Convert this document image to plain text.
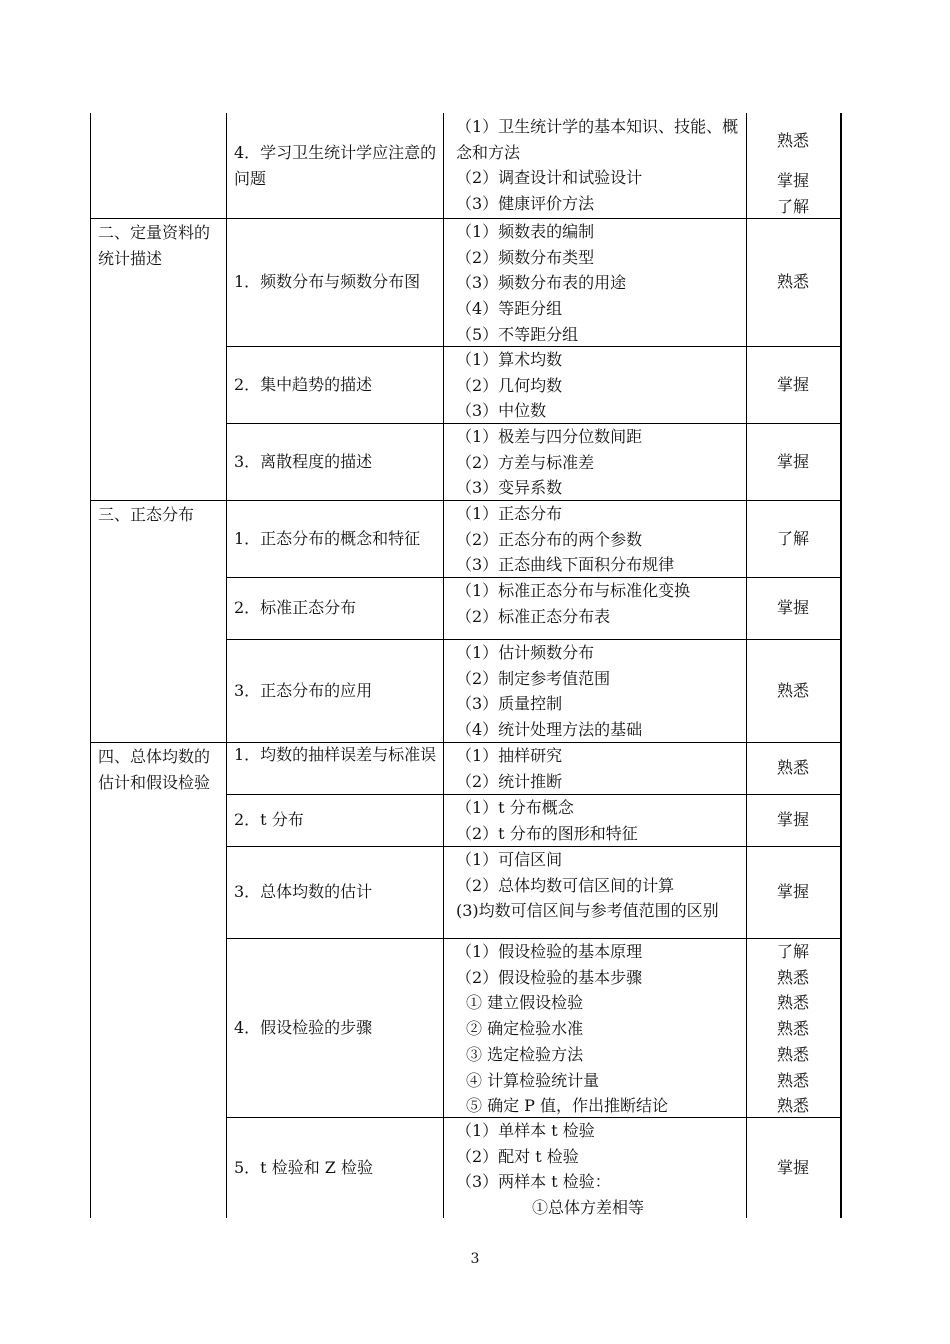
4．学习卫生统计学应注意的问题
（1）卫生统计学的基本知识、技能、概念和方法
（2）调查设计和试验设计
（3）健康评价方法
熟悉
掌握
了解
二、定量资料的统计描述
1．频数分布与频数分布图
（1）频数表的编制
（2）频数分布类型
（3）频数分布表的用途
（4）等距分组
（5）不等距分组
熟悉
2．集中趋势的描述
（1）算术均数
（2）几何均数
（3）中位数
掌握
3．离散程度的描述
（1）极差与四分位数间距
（2）方差与标准差
（3）变异系数
掌握
三、正态分布
1．正态分布的概念和特征
（1）正态分布
（2）正态分布的两个参数
（3）正态曲线下面积分布规律
了解
2．标准正态分布
（1）标准正态分布与标准化变换
（2）标准正态分布表	掌握
3．正态分布的应用
（1）估计频数分布
（2）制定参考值范围
（3）质量控制
（4）统计处理方法的基础
熟悉
四、总体均数的估计和假设检验
1．均数的抽样误差与标准误 （1）抽样研究
（2）统计推断
熟悉
2．t 分布
（1）t 分布概念
（2）t 分布的图形和特征
掌握
3．总体均数的估计
（1）可信区间
（2）总体均数可信区间的计算
(3)均数可信区间与参考值范围的区别
掌握
4．假设检验的步骤
（1）假设检验的基本原理
（2）假设检验的基本步骤
① 建立假设检验
② 确定检验水准
③ 选定检验方法
④ 计算检验统计量
⑤ 确定 P 值，作出推断结论
了解
熟悉
熟悉
熟悉
熟悉
熟悉
熟悉
5．t 检验和 Z 检验
（1）单样本 t 检验
（2）配对 t 检验
（3）两样本 t 检验：
①总体方差相等
掌握
3
